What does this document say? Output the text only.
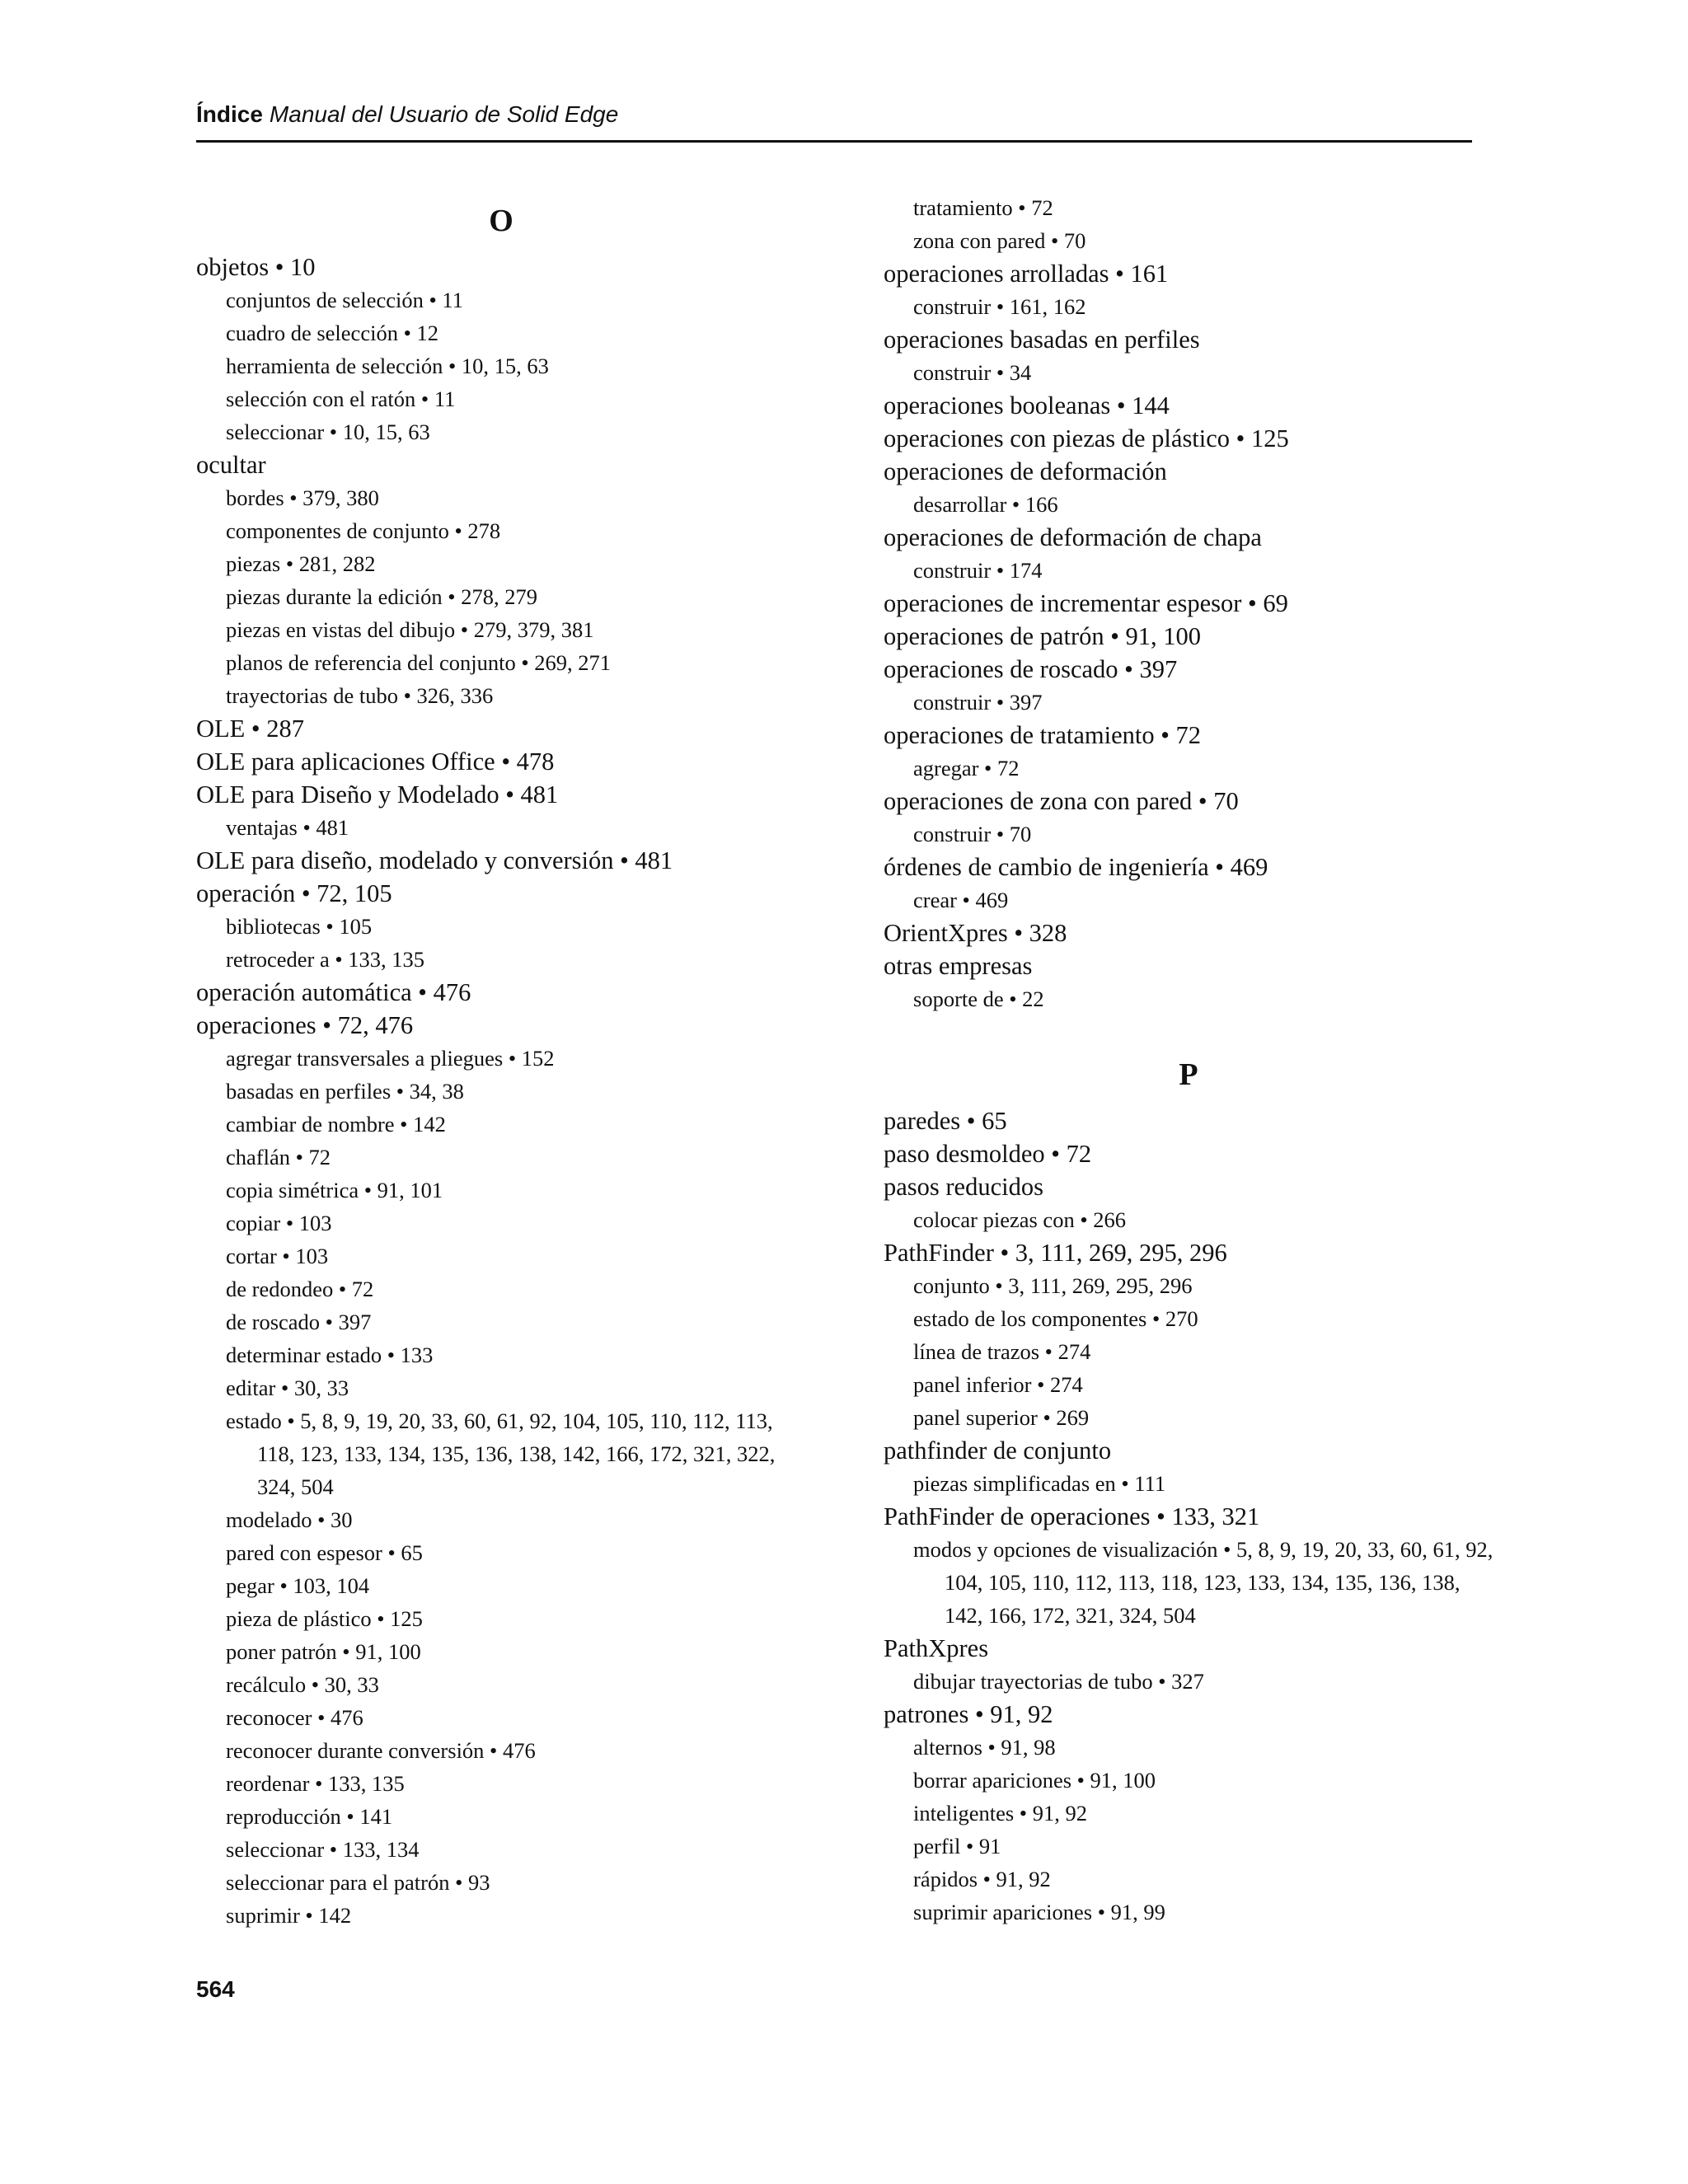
Índice Manual del Usuario de Solid Edge
O
objetos • 10
conjuntos de selección • 11
cuadro de selección • 12
herramienta de selección • 10, 15, 63
selección con el ratón • 11
seleccionar • 10, 15, 63
ocultar
bordes • 379, 380
componentes de conjunto • 278
piezas • 281, 282
piezas durante la edición • 278, 279
piezas en vistas del dibujo • 279, 379, 381
planos de referencia del conjunto • 269, 271
trayectorias de tubo • 326, 336
OLE • 287
OLE para aplicaciones Office • 478
OLE para Diseño y Modelado • 481
ventajas • 481
OLE para diseño, modelado y conversión • 481
operación • 72, 105
bibliotecas • 105
retroceder a • 133, 135
operación automática • 476
operaciones • 72, 476
agregar transversales a pliegues • 152
basadas en perfiles • 34, 38
cambiar de nombre • 142
chaflán • 72
copia simétrica • 91, 101
copiar • 103
cortar • 103
de redondeo • 72
de roscado • 397
determinar estado • 133
editar • 30, 33
estado • 5, 8, 9, 19, 20, 33, 60, 61, 92, 104, 105, 110, 112, 113, 118, 123, 133, 134, 135, 136, 138, 142, 166, 172, 321, 322, 324, 504
modelado • 30
pared con espesor • 65
pegar • 103, 104
pieza de plástico • 125
poner patrón • 91, 100
recálculo • 30, 33
reconocer • 476
reconocer durante conversión • 476
reordenar • 133, 135
reproducción • 141
seleccionar • 133, 134
seleccionar para el patrón • 93
suprimir • 142
tratamiento • 72
zona con pared • 70
operaciones arrolladas • 161
construir • 161, 162
operaciones basadas en perfiles
construir • 34
operaciones booleanas • 144
operaciones con piezas de plástico • 125
operaciones de deformación
desarrollar • 166
operaciones de deformación de chapa
construir • 174
operaciones de incrementar espesor • 69
operaciones de patrón • 91, 100
operaciones de roscado • 397
construir • 397
operaciones de tratamiento • 72
agregar • 72
operaciones de zona con pared • 70
construir • 70
órdenes de cambio de ingeniería • 469
crear • 469
OrientXpres • 328
otras empresas
soporte de • 22
P
paredes • 65
paso desmoldeo • 72
pasos reducidos
colocar piezas con • 266
PathFinder • 3, 111, 269, 295, 296
conjunto • 3, 111, 269, 295, 296
estado de los componentes • 270
línea de trazos • 274
panel inferior • 274
panel superior • 269
pathfinder de conjunto
piezas simplificadas en • 111
PathFinder de operaciones • 133, 321
modos y opciones de visualización • 5, 8, 9, 19, 20, 33, 60, 61, 92, 104, 105, 110, 112, 113, 118, 123, 133, 134, 135, 136, 138, 142, 166, 172, 321, 324, 504
PathXpres
dibujar trayectorias de tubo • 327
patrones • 91, 92
alternos • 91, 98
borrar apariciones • 91, 100
inteligentes • 91, 92
perfil • 91
rápidos • 91, 92
suprimir apariciones • 91, 99
564
